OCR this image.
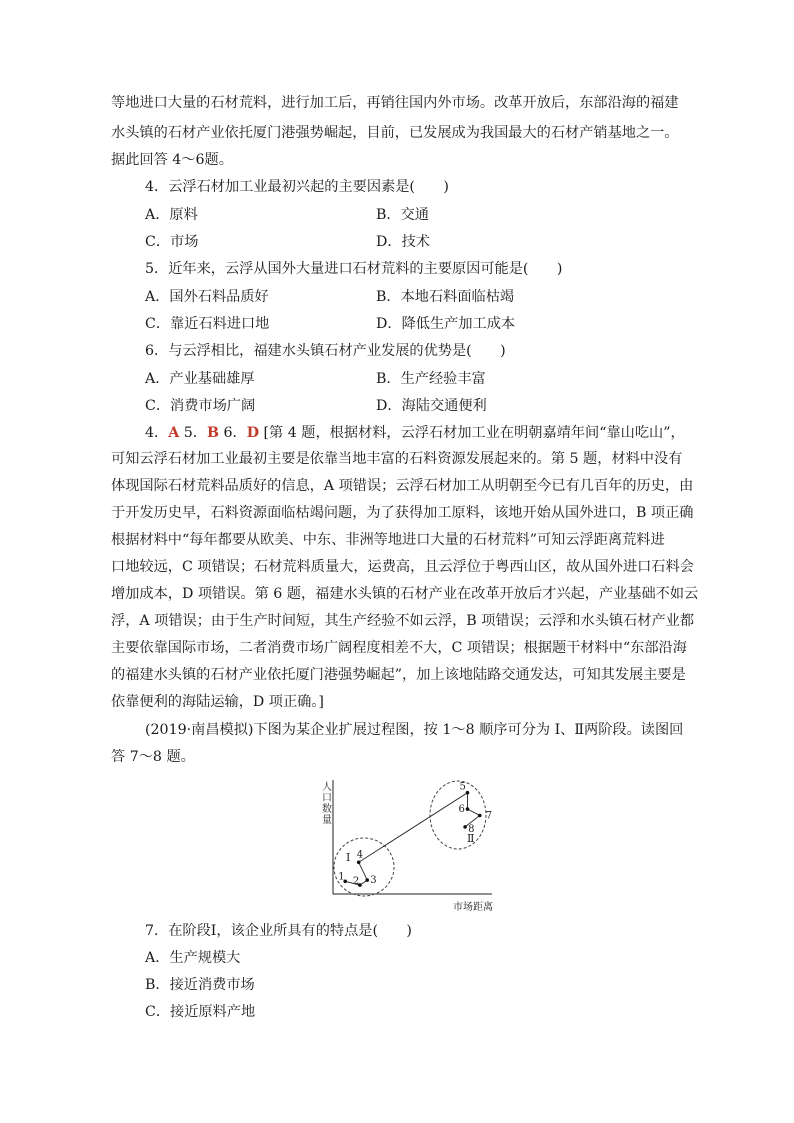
等地进口大量的石材荒料，进行加工后，再销往国内外市场。改革开放后，东部沿海的福建
水头镇的石材产业依托厦门港强势崛起，目前，已发展成为我国最大的石材产销基地之一。
据此回答 4～6题。
4．云浮石材加工业最初兴起的主要因素是(　　)
A．原料	B．交通
C．市场	D．技术
5．近年来，云浮从国外大量进口石材荒料的主要原因可能是(　　)
A．国外石料品质好	B．本地石料面临枯竭
C．靠近石料进口地	D．降低生产加工成本
6．与云浮相比，福建水头镇石材产业发展的优势是(　　)
A．产业基础雄厚	B．生产经验丰富
C．消费市场广阔	D．海陆交通便利
4．A 5．B 6．D [第 4 题，根据材料，云浮石材加工业在明朝嘉靖年间“靠山吃山”，
可知云浮石材加工业最初主要是依靠当地丰富的石料资源发展起来的。第 5 题，材料中没有
体现国际石材荒料品质好的信息，A 项错误；云浮石材加工从明朝至今已有几百年的历史，由
于开发历史早，石料资源面临枯竭问题，为了获得加工原料，该地开始从国外进口，B 项正确
根据材料中“每年都要从欧美、中东、非洲等地进口大量的石材荒料”可知云浮距离荒料进
口地较远，C 项错误；石材荒料质量大，运费高，且云浮位于粤西山区，故从国外进口石料会
增加成本，D 项错误。第 6 题，福建水头镇的石材产业在改革开放后才兴起，产业基础不如云
浮，A 项错误；由于生产时间短，其生产经验不如云浮，B 项错误；云浮和水头镇石材产业都
主要依靠国际市场，二者消费市场广阔程度相差不大，C 项错误；根据题干材料中“东部沿海
的福建水头镇的石材产业依托厦门港强势崛起”，加上该地陆路交通发达，可知其发展主要是
依靠便利的海陆运输，D 项正确。]
(2019·南昌模拟)下图为某企业扩展过程图，按 1～8 顺序可分为 Ⅰ、Ⅱ两阶段。读图回
答 7～8 题。
人口数量
市场距离
Ⅰ
Ⅱ
1 2 3
4
5
6
7
8
7．在阶段Ⅰ，该企业所具有的特点是(　　)
A．生产规模大
B．接近消费市场
C．接近原料产地
